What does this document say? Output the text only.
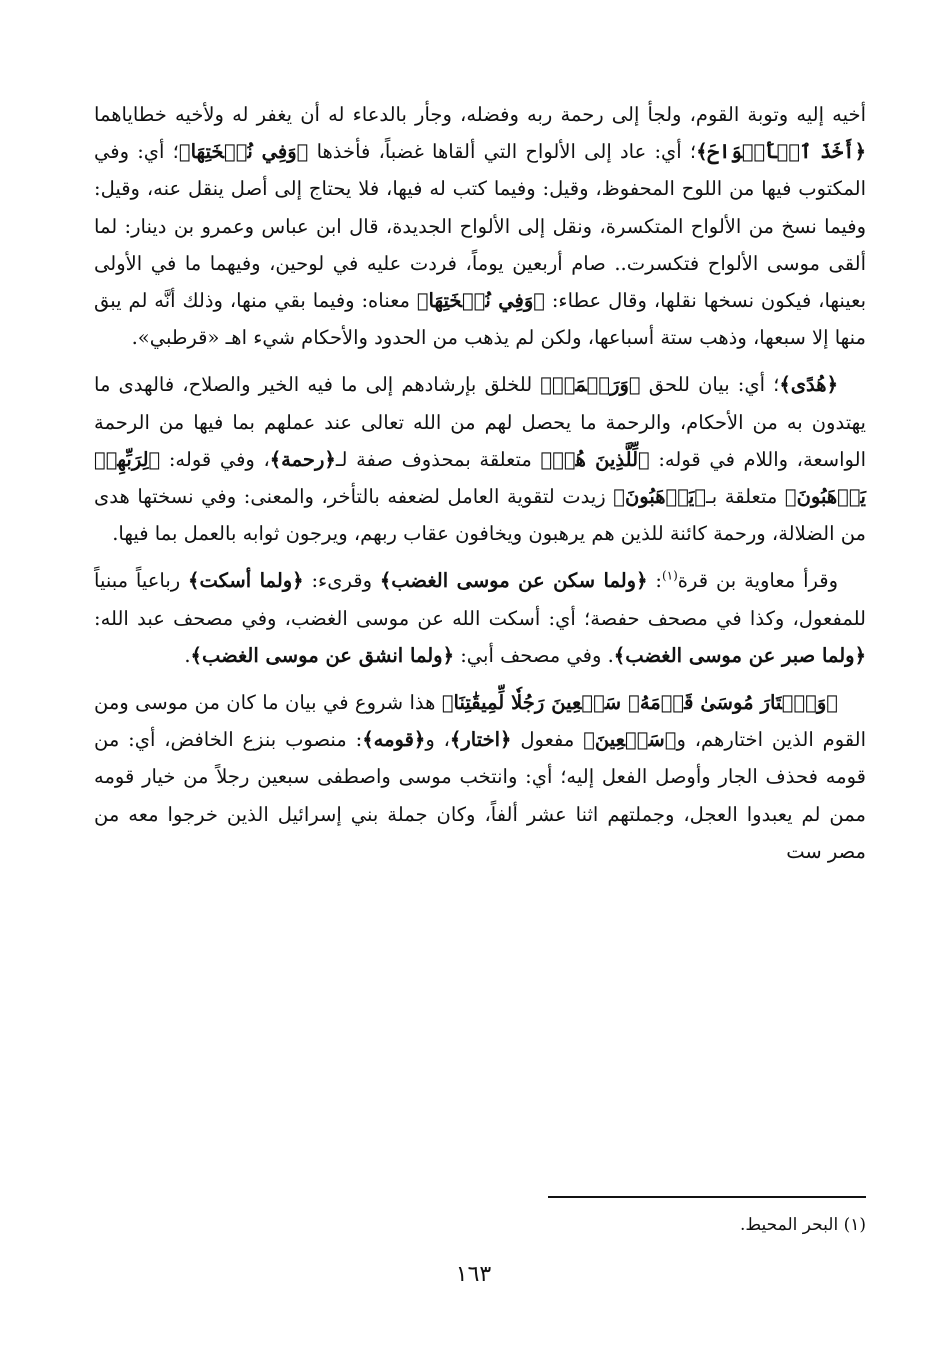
أخيه إليه وتوبة القوم، ولجأ إلى رحمة ربه وفضله، وجأر بالدعاء له أن يغفر له ولأخيه خطاياهما ﴿أَخَذَ ٱلۡأَلۡوَاحَ﴾؛ أي: عاد إلى الألواح التي ألقاها غضباً، فأخذها ﴿وَفِي نُسۡخَتِهَا﴾؛ أي: وفي المكتوب فيها من اللوح المحفوظ، وقيل: وفيما كتب له فيها، فلا يحتاج إلى أصل ينقل عنه، وقيل: وفيما نسخ من الألواح المتكسرة، ونقل إلى الألواح الجديدة، قال ابن عباس وعمرو بن دينار: لما ألقى موسى الألواح فتكسرت.. صام أربعين يوماً، فردت عليه في لوحين، وفيهما ما في الأولى بعينها، فيكون نسخها نقلها، وقال عطاء: ﴿وَفِي نُسۡخَتِهَا﴾ معناه: وفيما بقي منها، وذلك أنَّه لم يبق منها إلا سبعها، وذهب ستة أسباعها، ولكن لم يذهب من الحدود والأحكام شيء اهـ «قرطبي».

﴿هُدًى﴾؛ أي: بيان للحق ﴿وَرَحۡمَةٞ﴾ للخلق بإرشادهم إلى ما فيه الخير والصلاح، فالهدى ما يهتدون به من الأحكام، والرحمة ما يحصل لهم من الله تعالى عند عملهم بما فيها من الرحمة الواسعة، واللام في قوله: ﴿لِّلَّذِينَ هُمۡ﴾ متعلقة بمحذوف صفة لـ﴿رحمة﴾، وفي قوله: ﴿لِرَبِّهِمۡ يَرۡهَبُونَ﴾ متعلقة بـ﴿يَرۡهَبُونَ﴾ زيدت لتقوية العامل لضعفه بالتأخر، والمعنى: وفي نسختها هدى من الضلالة، ورحمة كائنة للذين هم يرهبون ويخافون عقاب ربهم، ويرجون ثوابه بالعمل بما فيها.

وقرأ معاوية بن قرة$^{(١)}$: ﴿ولما سكن عن موسى الغضب﴾ وقرىء: ﴿ولما أسكت﴾ رباعياً مبنياً للمفعول، وكذا في مصحف حفصة؛ أي: أسكت الله عن موسى الغضب، وفي مصحف عبد الله: ﴿ولما صبر عن موسى الغضب﴾. وفي مصحف أبي: ﴿ولما انشق عن موسى الغضب﴾.

﴿وَٱخۡتَارَ مُوسَىٰ قَوۡمَهُۥ سَبۡعِينَ رَجُلٗا لِّمِيقَٰتِنَا﴾ هذا شروع في بيان ما كان من موسى ومن القوم الذين اختارهم، و﴿سَبۡعِينَ﴾ مفعول ﴿اختار﴾، و﴿قومه﴾: منصوب بنزع الخافض، أي: من قومه فحذف الجار وأوصل الفعل إليه؛ أي: وانتخب موسى واصطفى سبعين رجلاً من خيار قومه ممن لم يعبدوا العجل، وجملتهم اثنا عشر ألفاً، وكان جملة بني إسرائيل الذين خرجوا معه من مصر ست

(١) البحر المحيط.
١٦٣
